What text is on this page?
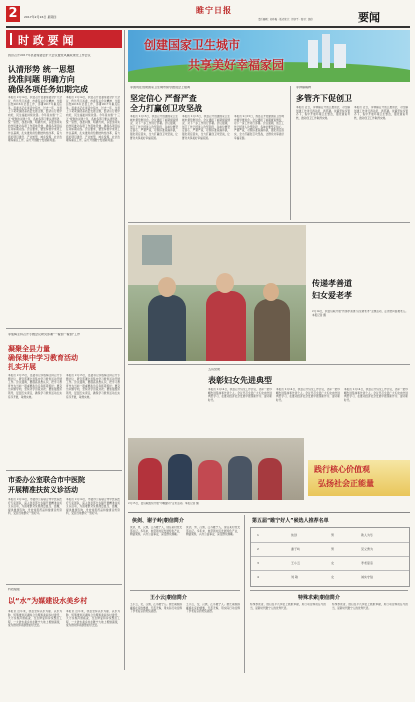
2	2017年2月16日 星期四
睢宁日报
责任编辑：刘冬梅 · 版式设计：钟剑平 · 校对：钱珍	要闻
时 政 要 闻
我县召开2017年县委常委会扩大会议暨党风廉政建设工作会议
认清形势 统一思想
找准问题 明确方向
确保各项任务如期完成
本报讯 2月14日，我县召开县委常委会扩大会议，传达学习省委、市委有关会议精神，全面总结2016年全县工作，部署2017年重点任务。县委书记在讲话中指出，过去一年，全县上下紧紧围绕高质量发展主题，经济运行稳中向好，民生福祉持续改善。今年是实施“十三五”规划的关键之年，各地各部门要认清形势、统一思想，找准问题、明确方向，以更加务实的作风推动各项工作落地见效，确保各项目标任务如期完成。会议要求，要坚持稳中求进工作总基调，扎实推进供给侧结构性改革，着力抓好项目建设、产业转型、城乡统筹、社会治理等重点工作，奋力开创睢宁发展新局面。
本报讯 2月14日，我县召开县委常委会扩大会议，传达学习省委、市委有关会议精神，全面总结2016年全县工作，部署2017年重点任务。县委书记在讲话中指出，过去一年，全县上下紧紧围绕高质量发展主题，经济运行稳中向好，民生福祉持续改善。今年是实施“十三五”规划的关键之年，各地各部门要认清形势、统一思想，找准问题、明确方向，以更加务实的作风推动各项工作落地见效，确保各项目标任务如期完成。会议要求，要坚持稳中求进工作总基调，扎实推进供给侧结构性改革，着力抓好项目建设、产业转型、城乡统筹、社会治理等重点工作，奋力开创睢宁发展新局面。
李成梅主持召开专题会议研究部署“一看到一看到”工作
凝聚全县力量
确保集中学习教育活动
扎实开展
本报讯 2月15日，县委书记李成梅主持召开专题会议，研究部署全县集中学习教育活动开展工作。会议强调，要提高思想认识，把学习教育作为当前一项重要政治任务抓紧抓好；要突出问题导向，坚持边学边查边改；要加强组织领导，层层压实责任，确保学习教育活动扎实有序开展，取得实效。
本报讯 2月15日，县委书记李成梅主持召开专题会议，研究部署全县集中学习教育活动开展工作。会议强调，要提高思想认识，把学习教育作为当前一项重要政治任务抓紧抓好；要突出问题导向，坚持边学边查边改；要加强组织领导，层层压实责任，确保学习教育活动扎实有序开展，取得实效。
市委办公室联合市中医院
开展精准扶贫义诊活动
本报讯 2月14日，市委办公室联合市中医院医疗专家团队，深入我县部分乡镇开展精准扶贫义诊活动，为困难群众免费测量血压、血糖，提供健康咨询，发放常用药品和健康宣传资料，受到当地群众一致好评。
本报讯 2月14日，市委办公室联合市中医院医疗专家团队，深入我县部分乡镇开展精准扶贫义诊活动，为困难群众免费测量血压、血糖，提供健康咨询，发放常用药品和健康宣传资料，受到当地群众一致好评。
科技赋能
以“水”为媒建设水美乡村
本报讯 近年来，我县坚持以水为媒、以水为脉，统筹推进河湖综合治理和美丽乡村建设，大力实施河道疏浚、生态修复和岸线整治工程，一大批水美乡村在睢宁大地上相继涌现，成为群众休闲游憩的好去处。
本报讯 近年来，我县坚持以水为媒、以水为脉，统筹推进河湖综合治理和美丽乡村建设，大力实施河道疏浚、生态修复和岸线整治工程，一大批水美乡村在睢宁大地上相继涌现，成为群众休闲游憩的好去处。
创建国家卫生城市
共享美好幸福家园
李国利在创建国家卫生城市督导推进会上强调
坚定信心 严督严查
全力打赢创卫攻坚战
本报讯 2月15日，我县召开创建国家卫生城市督导推进会。会议通报了前期督查情况，对下一步工作进行部署。会议强调，创卫工作已经进入攻坚阶段，各单位要坚定信心、严督严查，对照标准查漏补缺，强化责任落实，全力打赢创卫攻坚战，让群众共享美好幸福家园。
本报讯 2月15日，我县召开创建国家卫生城市督导推进会。会议通报了前期督查情况，对下一步工作进行部署。会议强调，创卫工作已经进入攻坚阶段，各单位要坚定信心、严督严查，对照标准查漏补缺，强化责任落实，全力打赢创卫攻坚战，让群众共享美好幸福家园。
本报讯 2月15日，我县召开创建国家卫生城市督导推进会。会议通报了前期督查情况，对下一步工作进行部署。会议强调，创卫工作已经进入攻坚阶段，各单位要坚定信心、严督严查，对照标准查漏补缺，强化责任落实，全力打赢创卫攻坚战，让群众共享美好幸福家园。
李钟镇揭牌
多管齐下促创卫
本报讯 近日，李钟镇召开创卫推进会，对全镇创建工作进行再动员、再部署。该镇坚持多管齐下，集中开展环境卫生整治，强化督查考核，推动创卫工作取得实效。
本报讯 近日，李钟镇召开创卫推进会，对全镇创建工作进行再动员、再部署。该镇坚持多管齐下，集中开展环境卫生整治，强化督查考核，推动创卫工作取得实效。
传递孝善道
妇女爱老孝
2月14日，我县妇联开展“传递孝善道 妇女敬老孝”主题活动，走访慰问困难老人。本报记者 摄
五有党建
表彰妇女先进典型
本报讯 2月14日，我县召开妇女工作会议，表彰一批巾帼先进集体和先进个人。会议号召全县广大妇女向先进典型学习，在推动经济社会发展中展现新作为、建功新时代。
本报讯 2月14日，我县召开妇女工作会议，表彰一批巾帼先进集体和先进个人。会议号召全县广大妇女向先进典型学习，在推动经济社会发展中展现新作为、建功新时代。
本报讯 2月14日，我县召开妇女工作会议，表彰一批巾帼先进集体和先进个人。会议号召全县广大妇女向先进典型学习，在推动经济社会发展中展现新作为、建功新时代。
2月15日，县妇联组织开展“巾帼建功”走访活动。本报记者 摄
践行核心价值观
弘扬社会正能量
侠剑、谢子岭|朝信简介
侠剑，男，汉族，江苏睢宁人，现任某村党支部书记。多年来，他带领村民发展特色产业，修路架桥，兴办公益事业，深受群众拥戴。
侠剑，男，汉族，江苏睢宁人，现任某村党支部书记。多年来，他带领村民发展特色产业，修路架桥，兴办公益事业，深受群众拥戴。
王小云|朝信简介
王小云，女，汉族，江苏睢宁人。她长期照顾瘫痪在床的婆婆，无怨无悔，用实际行动诠释了孝老爱亲的传统美德。
王小云，女，汉族，江苏睢宁人。她长期照顾瘫痪在床的婆婆，无怨无悔，用实际行动诠释了孝老爱亲的传统美德。
第五届“睢宁好人”候选人推荐名单
1	侠剑	男	助人为乐
2	谢子岭	男	见义勇为
3	王小云	女	孝老爱亲
4	刘 敏	女	诚实守信
特殊求索|朝信简介
特殊求索者，他们在平凡岗位上默默奉献，用行动诠释责任与担当，是新时代睢宁人的优秀代表。
特殊求索者，他们在平凡岗位上默默奉献，用行动诠释责任与担当，是新时代睢宁人的优秀代表。
